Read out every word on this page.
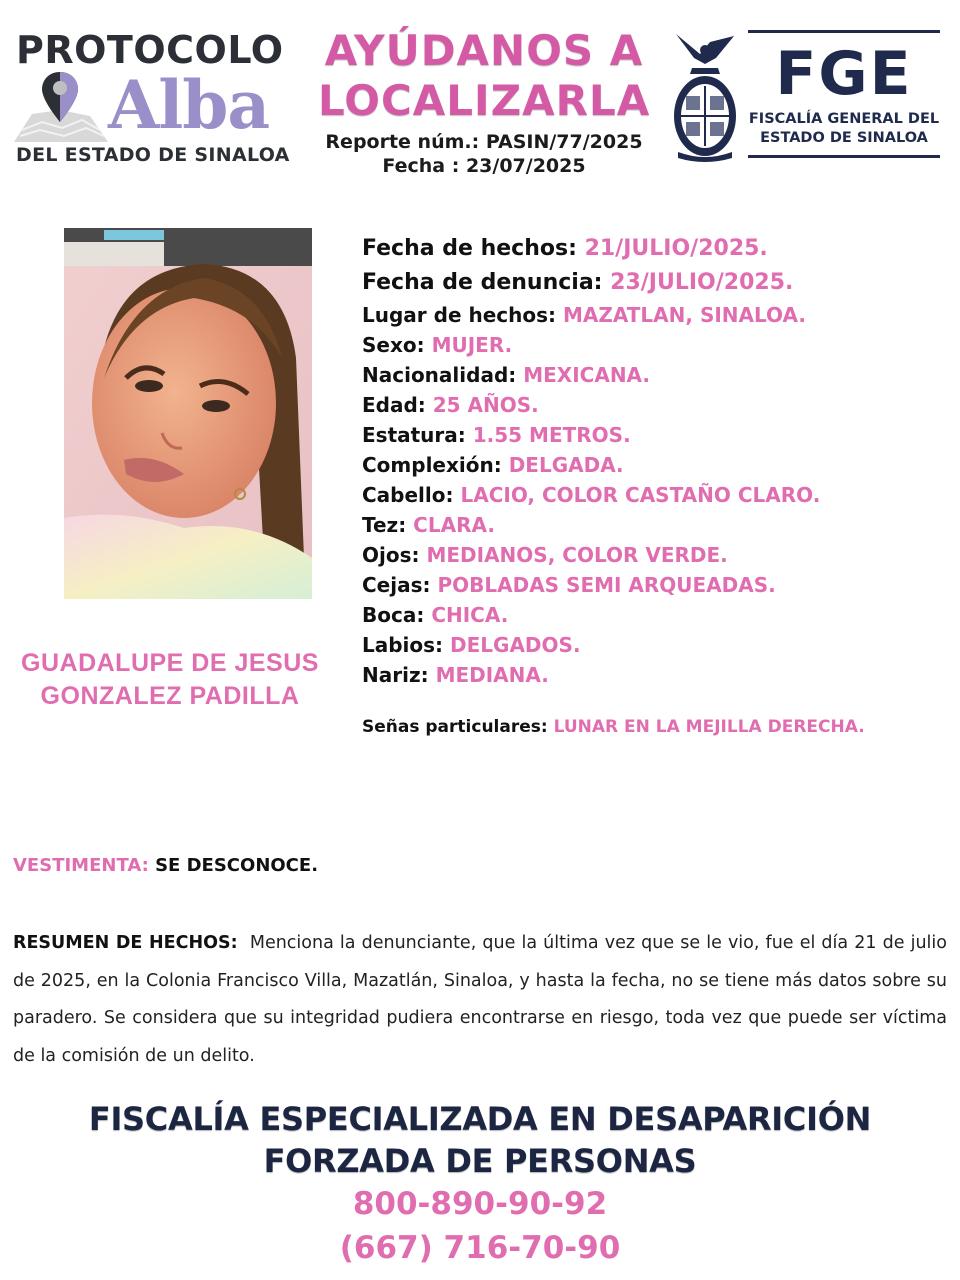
PROTOCOLO
Alba
DEL ESTADO DE SINALOA
AYÚDANOS A
LOCALIZARLA
Reporte núm.: PASIN/77/2025
Fecha : 23/07/2025
FGE
FISCALÍA GENERAL DEL
ESTADO DE SINALOA
GUADALUPE DE JESUS
GONZALEZ PADILLA
Fecha de hechos: 21/JULIO/2025.
Fecha de denuncia: 23/JULIO/2025.
Lugar de hechos: MAZATLAN, SINALOA.
Sexo: MUJER.
Nacionalidad: MEXICANA.
Edad: 25 AÑOS.
Estatura: 1.55 METROS.
Complexión: DELGADA.
Cabello: LACIO, COLOR CASTAÑO CLARO.
Tez: CLARA.
Ojos: MEDIANOS, COLOR VERDE.
Cejas: POBLADAS SEMI ARQUEADAS.
Boca: CHICA.
Labios: DELGADOS.
Nariz: MEDIANA.
Señas particulares: LUNAR EN LA MEJILLA DERECHA.
VESTIMENTA: SE DESCONOCE.
RESUMEN DE HECHOS: Menciona la denunciante, que la última vez que se le vio, fue el día 21 de julio de 2025, en la Colonia Francisco Villa, Mazatlán, Sinaloa, y hasta la fecha, no se tiene más datos sobre su paradero. Se considera que su integridad pudiera encontrarse en riesgo, toda vez que puede ser víctima de la comisión de un delito.
FISCALÍA ESPECIALIZADA EN DESAPARICIÓN
FORZADA DE PERSONAS
800-890-90-92
(667) 716-70-90
